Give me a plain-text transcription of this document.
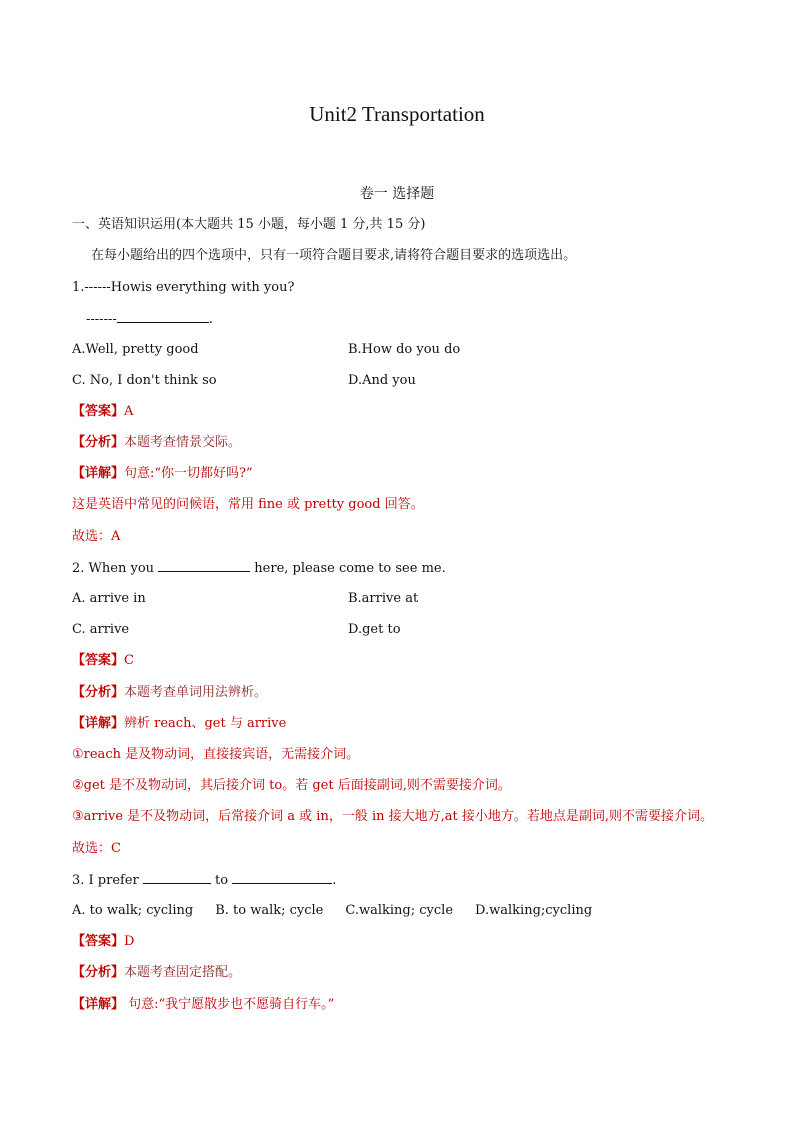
Unit2 Transportation
卷一 选择题
一、英语知识运用(本大题共 15 小题，每小题 1 分,共 15 分)
在每小题给出的四个选项中，只有一项符合题目要求,请将符合题目要求的选项选出。
1.------Howis everything with you?
-------	.
A.Well, pretty good	B.How do you do
C. No, I don't think so	D.And you
【答案】A
【分析】本题考查情景交际。
【详解】句意:“你一切都好吗?”
这是英语中常见的问候语，常用 fine 或 pretty good 回答。
故选：A
2. When you	here, please come to see me.
A. arrive in	B.arrive at
C. arrive	D.get to
【答案】C
【分析】本题考查单词用法辨析。
【详解】辨析 reach、get 与 arrive
①reach 是及物动词，直接接宾语，无需接介词。
②get 是不及物动词，其后接介词 to。若 get 后面接副词,则不需要接介词。
③arrive 是不及物动词，后常接介词 a 或 in，一般 in 接大地方,at 接小地方。若地点是副词,则不需要接介词。
故选：C
3. I prefer	to	.
A. to walk; cycling B. to walk; cycle C.walking; cycle D.walking;cycling
【答案】D
【分析】本题考查固定搭配。
【详解】 句意:“我宁愿散步也不愿骑自行车。”
